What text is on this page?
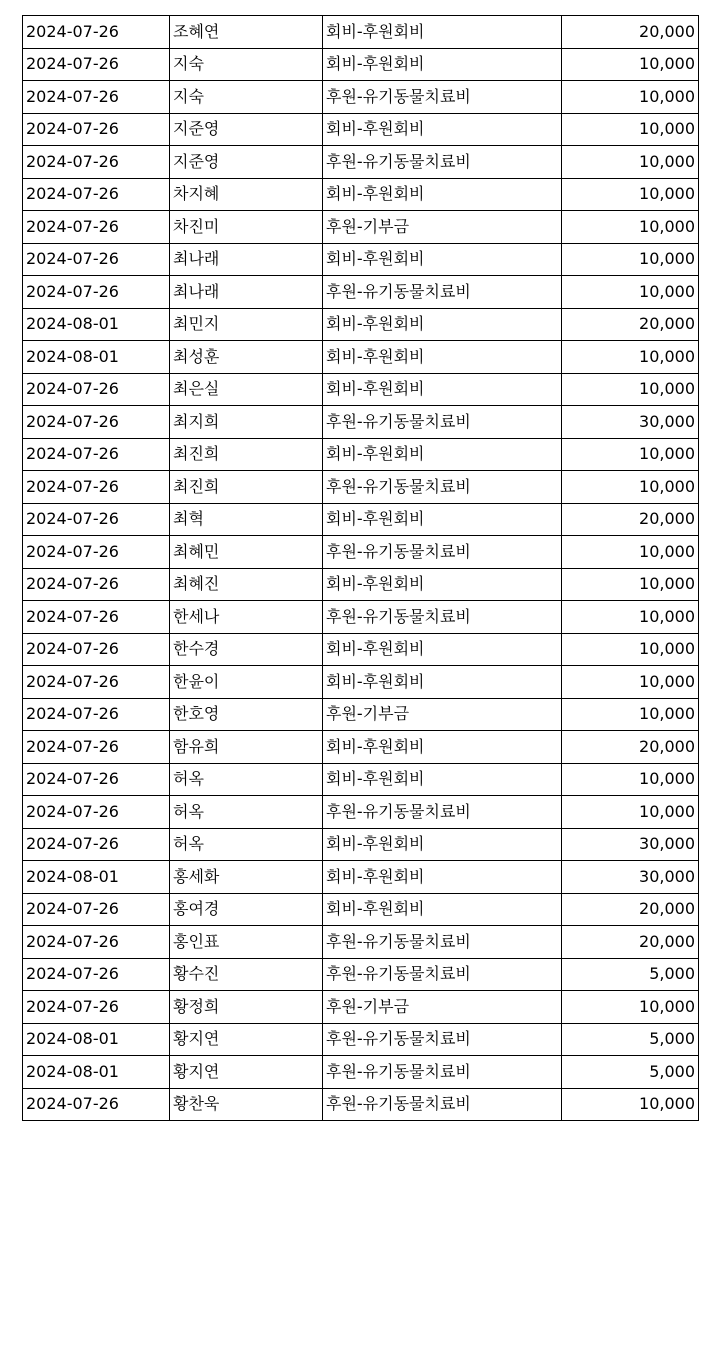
2024-07-26	조혜연	회비-후원회비	20,000
2024-07-26	지숙	회비-후원회비	10,000
2024-07-26	지숙	후원-유기동물치료비	10,000
2024-07-26	지준영	회비-후원회비	10,000
2024-07-26	지준영	후원-유기동물치료비	10,000
2024-07-26	차지혜	회비-후원회비	10,000
2024-07-26	차진미	후원-기부금	10,000
2024-07-26	최나래	회비-후원회비	10,000
2024-07-26	최나래	후원-유기동물치료비	10,000
2024-08-01	최민지	회비-후원회비	20,000
2024-08-01	최성훈	회비-후원회비	10,000
2024-07-26	최은실	회비-후원회비	10,000
2024-07-26	최지희	후원-유기동물치료비	30,000
2024-07-26	최진희	회비-후원회비	10,000
2024-07-26	최진희	후원-유기동물치료비	10,000
2024-07-26	최혁	회비-후원회비	20,000
2024-07-26	최혜민	후원-유기동물치료비	10,000
2024-07-26	최혜진	회비-후원회비	10,000
2024-07-26	한세나	후원-유기동물치료비	10,000
2024-07-26	한수경	회비-후원회비	10,000
2024-07-26	한윤이	회비-후원회비	10,000
2024-07-26	한호영	후원-기부금	10,000
2024-07-26	함유희	회비-후원회비	20,000
2024-07-26	허옥	회비-후원회비	10,000
2024-07-26	허옥	후원-유기동물치료비	10,000
2024-07-26	허옥	회비-후원회비	30,000
2024-08-01	홍세화	회비-후원회비	30,000
2024-07-26	홍여경	회비-후원회비	20,000
2024-07-26	홍인표	후원-유기동물치료비	20,000
2024-07-26	황수진	후원-유기동물치료비	5,000
2024-07-26	황정희	후원-기부금	10,000
2024-08-01	황지연	후원-유기동물치료비	5,000
2024-08-01	황지연	후원-유기동물치료비	5,000
2024-07-26	황찬욱	후원-유기동물치료비	10,000
